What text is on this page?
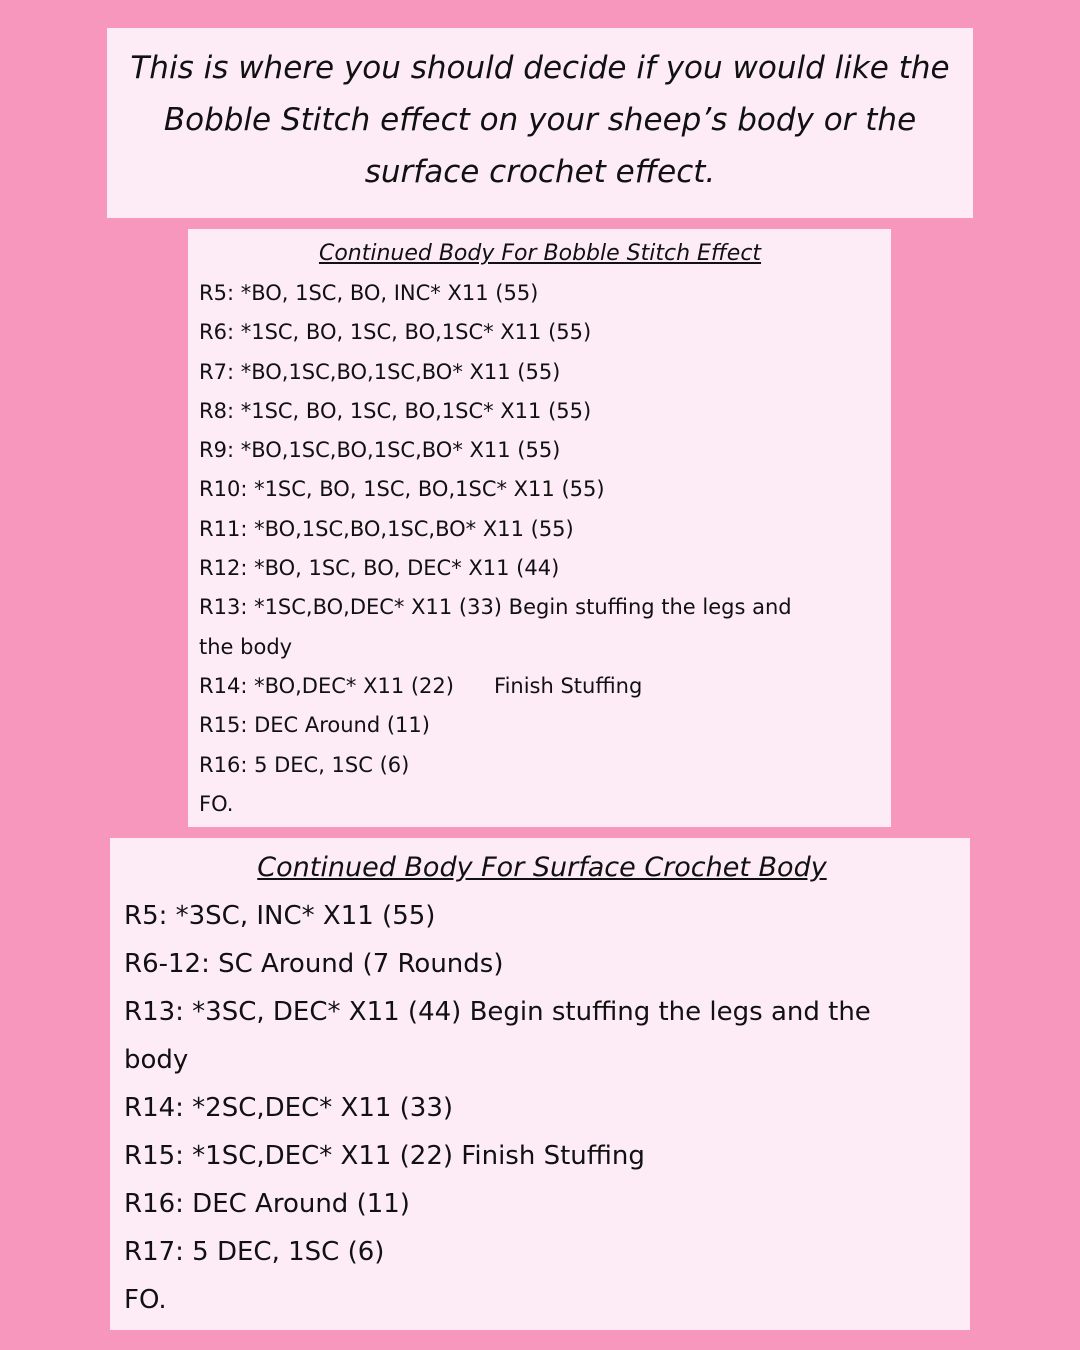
This is where you should decide if you would like the Bobble Stitch effect on your sheep’s body or the surface crochet effect.

Continued Body For Bobble Stitch Effect

R5: *BO, 1SC, BO, INC* X11 (55)

R6: *1SC, BO, 1SC, BO,1SC* X11 (55)

R7: *BO,1SC,BO,1SC,BO* X11 (55)

R8: *1SC, BO, 1SC, BO,1SC* X11 (55)

R9: *BO,1SC,BO,1SC,BO* X11 (55)

R10: *1SC, BO, 1SC, BO,1SC* X11 (55)

R11: *BO,1SC,BO,1SC,BO* X11 (55)

R12: *BO, 1SC, BO, DEC* X11 (44)

R13: *1SC,BO,DEC* X11 (33) Begin stuffing the legs and

the body

R14: *BO,DEC* X11 (22)      Finish Stuffing

R15: DEC Around (11)

R16: 5 DEC, 1SC (6)

FO.

Continued Body For Surface Crochet Body

R5: *3SC, INC* X11 (55)

R6-12: SC Around (7 Rounds)

R13: *3SC, DEC* X11 (44) Begin stuffing the legs and the

body

R14: *2SC,DEC* X11 (33)

R15: *1SC,DEC* X11 (22) Finish Stuffing

R16: DEC Around (11)

R17: 5 DEC, 1SC (6)

FO.
